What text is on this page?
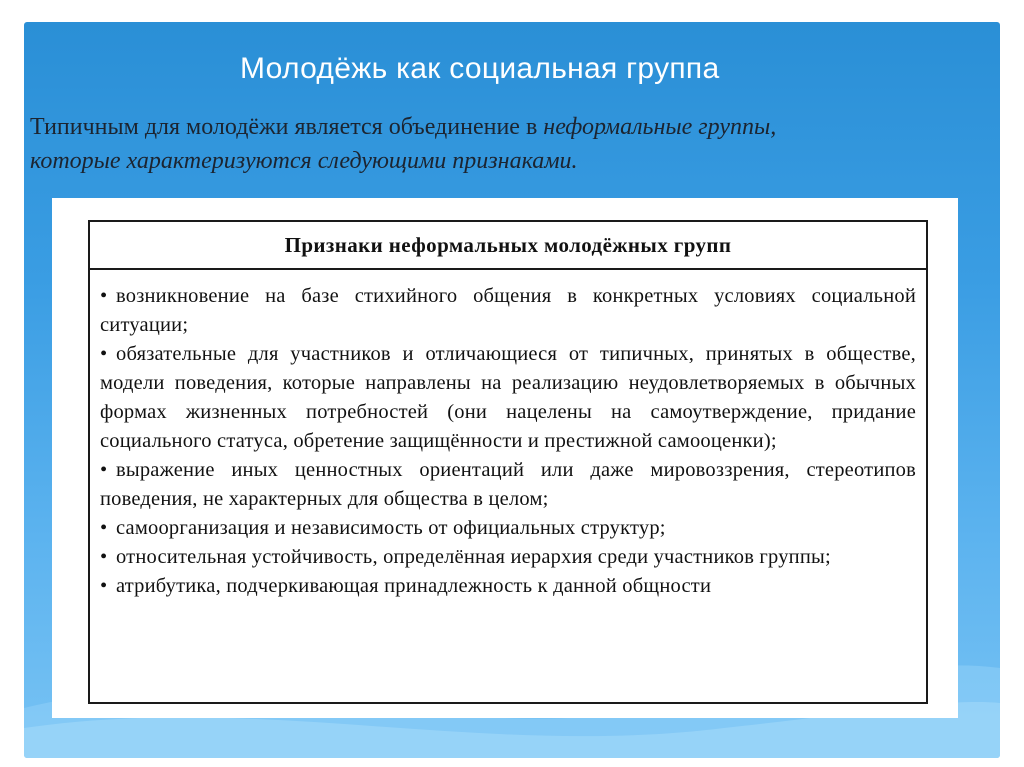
Молодёжь как социальная группа
Типичным для молодёжи является объединение в неформальные группы,
которые характеризуются следующими признаками.
Признаки неформальных молодёжных групп
• возникновение на базе стихийного общения в конкретных условиях социальной ситуации;
• обязательные для участников и отличающиеся от типичных, принятых в обществе, модели поведения, которые направлены на реализацию неудовлетворяемых в обычных формах жизненных потребностей (они нацелены на самоутверждение, придание социального статуса, обретение защищённости и престижной самооценки);
• выражение иных ценностных ориентаций или даже мировоззрения, стереотипов поведения, не характерных для общества в целом;
• самоорганизация и независимость от официальных структур;
• относительная устойчивость, определённая иерархия среди участников группы;
• атрибутика, подчеркивающая принадлежность к данной общности
